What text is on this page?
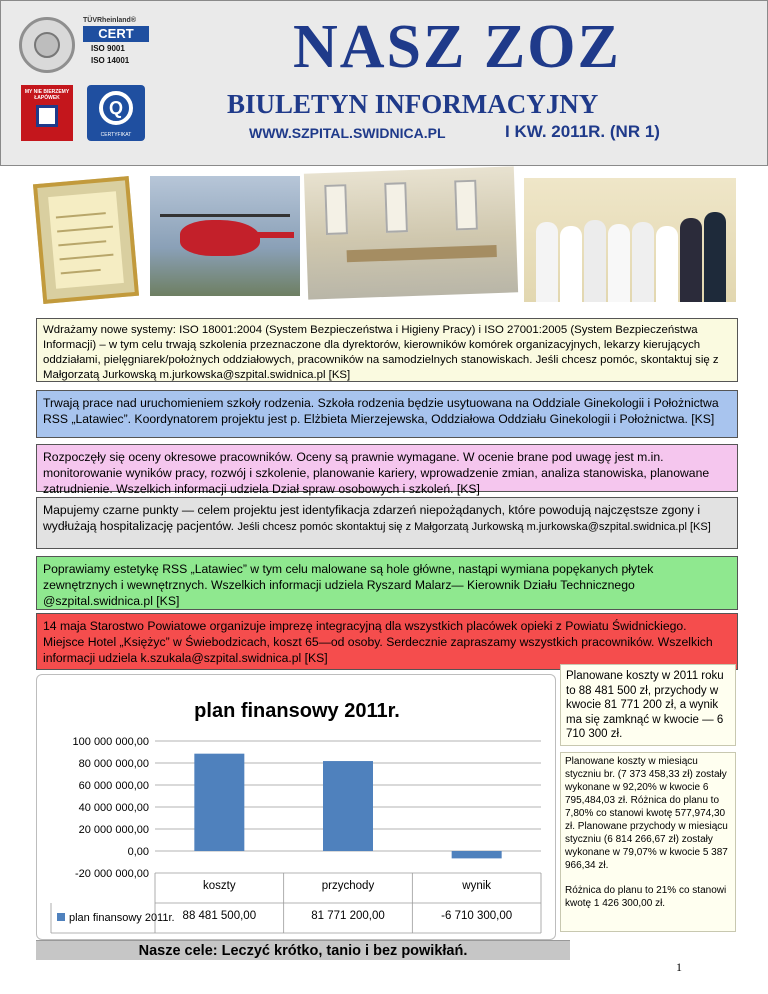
TÜVRheinland®
CERT
ISO 9001
ISO 14001
MY NIE BIERZEMY ŁAPÓWEK	Q
CERTYFIKAT
NASZ ZOZ
BIULETYN INFORMACYJNY
WWW.SZPITAL.SWIDNICA.PL	I KW. 2011R. (NR 1)
Wdrażamy nowe systemy: ISO 18001:2004 (System Bezpieczeństwa i Higieny Pracy) i ISO 27001:2005 (System Bezpieczeństwa Informacji) – w tym celu trwają szkolenia przeznaczone dla dyrektorów, kierowników komórek organizacyjnych, lekarzy kierujących oddziałami, pielęgniarek/położnych oddziałowych, pracowników na samodzielnych stanowiskach. Jeśli chcesz pomóc, skontaktuj się z Małgorzatą Jurkowską m.jurkowska@szpital.swidnica.pl [KS]
Trwają prace nad uruchomieniem szkoły rodzenia. Szkoła rodzenia będzie usytuowana na Oddziale Ginekologii i Położnictwa RSS „Latawiec”. Koordynatorem projektu jest p. Elżbieta Mierzejewska, Oddziałowa Oddziału Ginekologii i Położnictwa. [KS]
Rozpoczęły się oceny okresowe pracowników. Oceny są prawnie wymagane. W ocenie brane pod uwagę jest m.in. monitorowanie wyników pracy, rozwój i szkolenie, planowanie kariery, wprowadzenie zmian, analiza stanowiska, planowane zatrudnienie. Wszelkich informacji udziela Dział spraw osobowych i szkoleń. [KS]
Mapujemy czarne punkty — celem projektu jest identyfikacja zdarzeń niepożądanych, które powodują najczęstsze zgony i wydłużają hospitalizację pacjentów. Jeśli chcesz pomóc skontaktuj się z Małgorzatą Jurkowską m.jurkowska@szpital.swidnica.pl [KS]
Poprawiamy estetykę RSS „Latawiec” w tym celu malowane są hole główne, nastąpi wymiana popękanych płytek zewnętrznych i wewnętrznych. Wszelkich informacji udziela Ryszard Malarz— Kierownik Działu Technicznego @szpital.swidnica.pl [KS]
14 maja Starostwo Powiatowe organizuje imprezę integracyjną dla wszystkich placówek opieki z Powiatu Świdnickiego. Miejsce Hotel „Księżyc” w Świebodzicach, koszt 65—od osoby. Serdecznie zapraszamy wszystkich pracowników. Wszelkich informacji udziela k.szukala@szpital.swidnica.pl [KS]
plan finansowy 2011r.
100 000 000,00
80 000 000,00
60 000 000,00
40 000 000,00
20 000 000,00
0,00
-20 000 000,00
koszty
88 481 500,00
przychody
81 771 200,00
wynik
-6 710 300,00
plan finansowy 2011r.
Planowane koszty w 2011 roku to 88 481 500 zł, przychody w kwocie 81 771 200 zł, a wynik ma się zamknąć w kwocie — 6 710 300 zł.

Planowane koszty w miesiącu styczniu br. (7 373 458,33 zł) zostały wykonane w 92,20% w kwocie 6 795,484,03 zł. Różnica do planu to 7,80% co stanowi kwotę 577,974,30 zł. Planowane przychody w miesiącu styczniu (6 814 266,67 zł) zostały wykonane w 79,07% w kwocie 5 387 966,34 zł.

Różnica do planu to 21% co stanowi kwotę 1 426 300,00 zł.

Nasze cele: Leczyć krótko, tanio i bez powikłań.
1
